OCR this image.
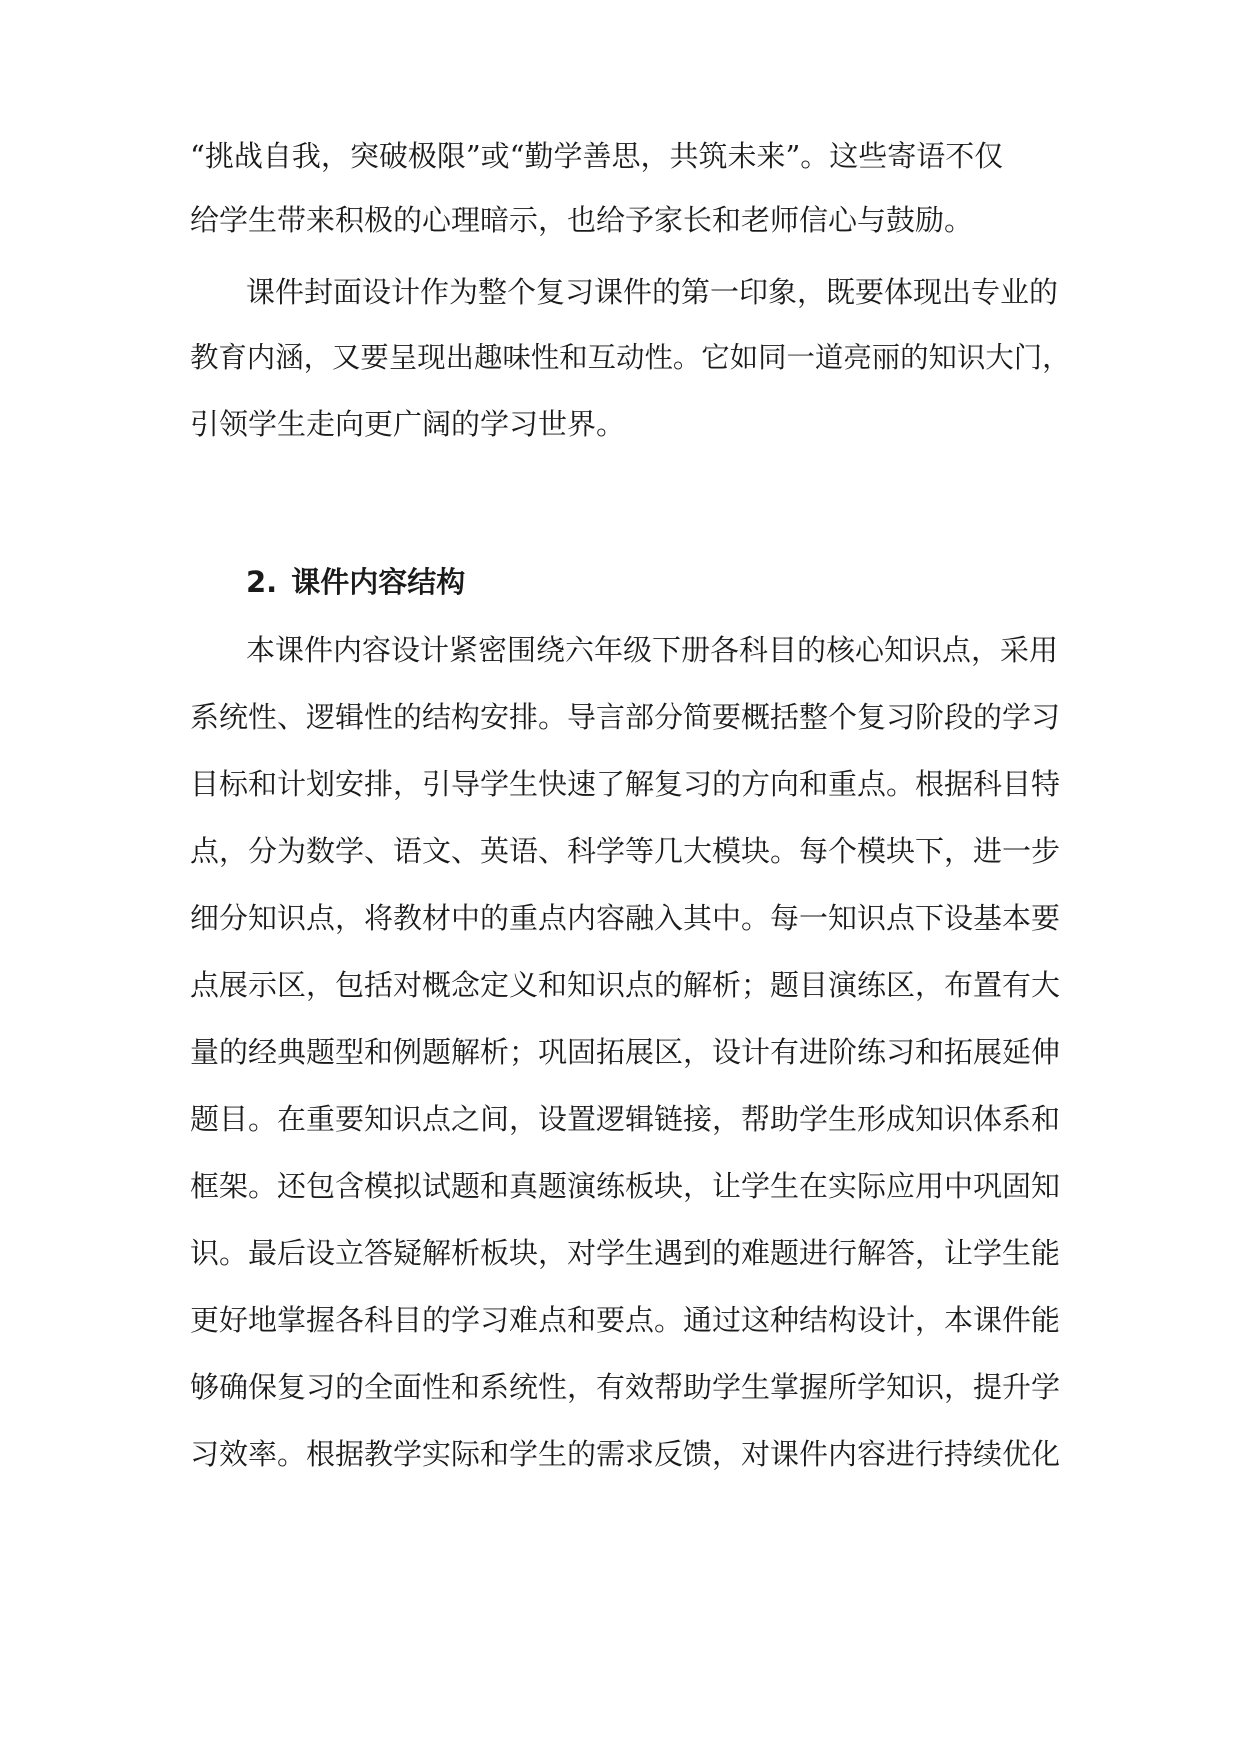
“挑战自我，突破极限”或“勤学善思，共筑未来”。这些寄语不仅

给学生带来积极的心理暗示，也给予家长和老师信心与鼓励。

课件封面设计作为整个复习课件的第一印象，既要体现出专业的

教育内涵，又要呈现出趣味性和互动性。它如同一道亮丽的知识大门，

引领学生走向更广阔的学习世界。

2. 课件内容结构

本课件内容设计紧密围绕六年级下册各科目的核心知识点，采用

系统性、逻辑性的结构安排。导言部分简要概括整个复习阶段的学习

目标和计划安排，引导学生快速了解复习的方向和重点。根据科目特

点，分为数学、语文、英语、科学等几大模块。每个模块下，进一步

细分知识点，将教材中的重点内容融入其中。每一知识点下设基本要

点展示区，包括对概念定义和知识点的解析；题目演练区，布置有大

量的经典题型和例题解析；巩固拓展区，设计有进阶练习和拓展延伸

题目。在重要知识点之间，设置逻辑链接，帮助学生形成知识体系和

框架。还包含模拟试题和真题演练板块，让学生在实际应用中巩固知

识。最后设立答疑解析板块，对学生遇到的难题进行解答，让学生能

更好地掌握各科目的学习难点和要点。通过这种结构设计，本课件能

够确保复习的全面性和系统性，有效帮助学生掌握所学知识，提升学

习效率。根据教学实际和学生的需求反馈，对课件内容进行持续优化
